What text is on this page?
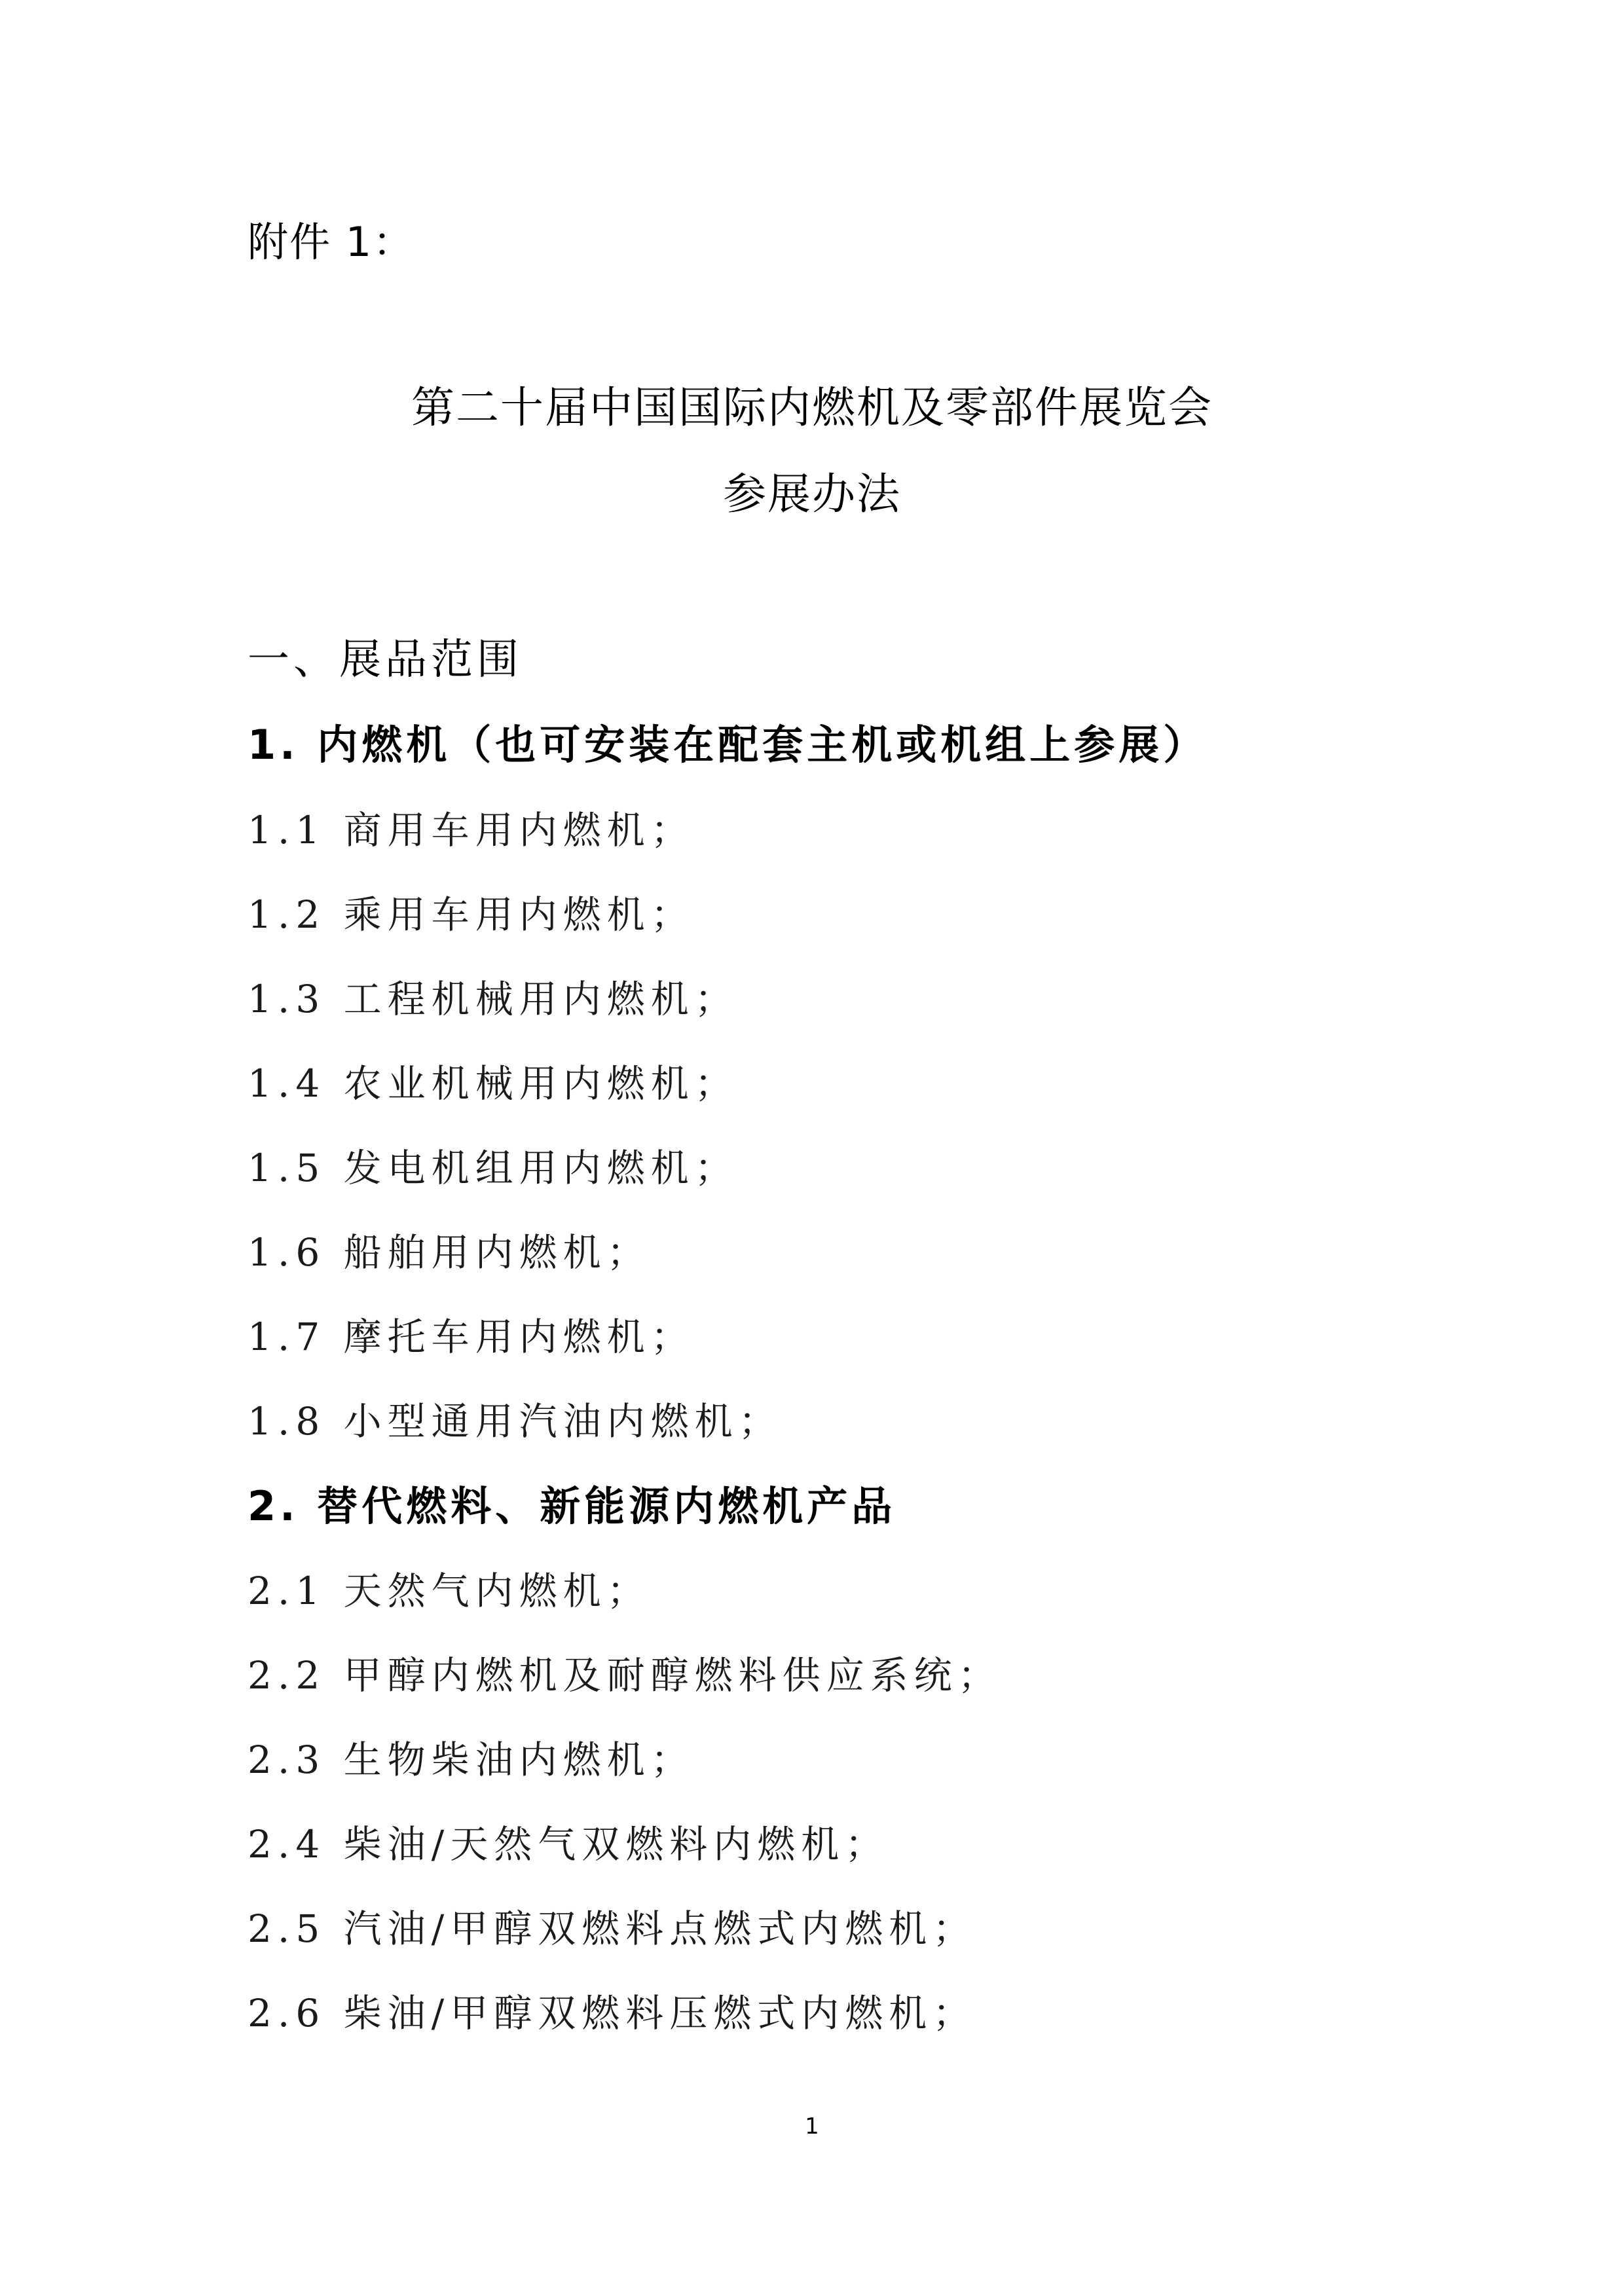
附件 1：
第二十届中国国际内燃机及零部件展览会
参展办法
一、展品范围
1. 内燃机（也可安装在配套主机或机组上参展）
1.1 商用车用内燃机；
1.2 乘用车用内燃机；
1.3 工程机械用内燃机；
1.4 农业机械用内燃机；
1.5 发电机组用内燃机；
1.6 船舶用内燃机；
1.7 摩托车用内燃机；
1.8 小型通用汽油内燃机；
2. 替代燃料、新能源内燃机产品
2.1 天然气内燃机；
2.2 甲醇内燃机及耐醇燃料供应系统；
2.3 生物柴油内燃机；
2.4 柴油/天然气双燃料内燃机；
2.5 汽油/甲醇双燃料点燃式内燃机；
2.6 柴油/甲醇双燃料压燃式内燃机；
1
